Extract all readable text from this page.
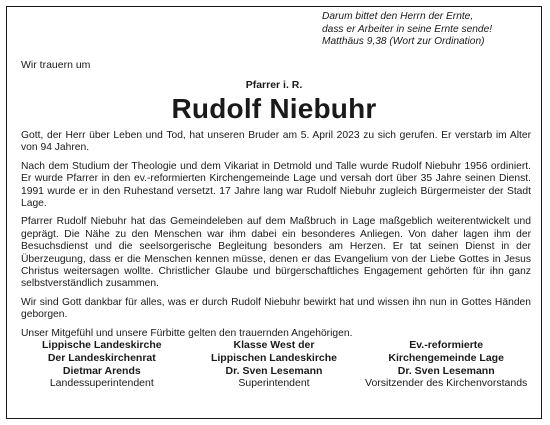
Darum bittet den Herrn der Ernte,
dass er Arbeiter in seine Ernte sende!
Matthäus 9,38 (Wort zur Ordination)
Wir trauern um
Pfarrer i. R.
Rudolf Niebuhr

Gott, der Herr über Leben und Tod, hat unseren Bruder am 5. April 2023 zu sich gerufen. Er verstarb im Alter von 94 Jahren.

Nach dem Studium der Theologie und dem Vikariat in Detmold und Talle wurde Rudolf Niebuhr 1956 ordiniert. Er wurde Pfarrer in den ev.-reformierten Kirchengemeinde Lage und versah dort über 35 Jahre seinen Dienst. 1991 wurde er in den Ruhestand versetzt. 17 Jahre lang war Rudolf Niebuhr zugleich Bürgermeister der Stadt Lage.

Pfarrer Rudolf Niebuhr hat das Gemeindeleben auf dem Maßbruch in Lage maßgeblich weiterentwickelt und geprägt. Die Nähe zu den Menschen war ihm dabei ein besonderes Anliegen. Von daher lagen ihm der Besuchsdienst und die seelsorgerische Begleitung besonders am Herzen. Er tat seinen Dienst in der Überzeugung, dass er die Menschen kennen müsse, denen er das Evangelium von der Liebe Gottes in Jesus Christus weitersagen wollte. Christlicher Glaube und bürgerschaftliches Engagement gehörten für ihn ganz selbstverständlich zusammen.

Wir sind Gott dankbar für alles, was er durch Rudolf Niebuhr bewirkt hat und wissen ihn nun in Gottes Händen geborgen.

Unser Mitgefühl und unsere Fürbitte gelten den trauernden Angehörigen.

Lippische Landeskirche
Der Landeskirchenrat
Dietmar Arends
Landessuperintendent
Klasse West der
Lippischen Landeskirche
Dr. Sven Lesemann
Superintendent
Ev.-reformierte
Kirchengemeinde Lage
Dr. Sven Lesemann
Vorsitzender des Kirchenvorstands
